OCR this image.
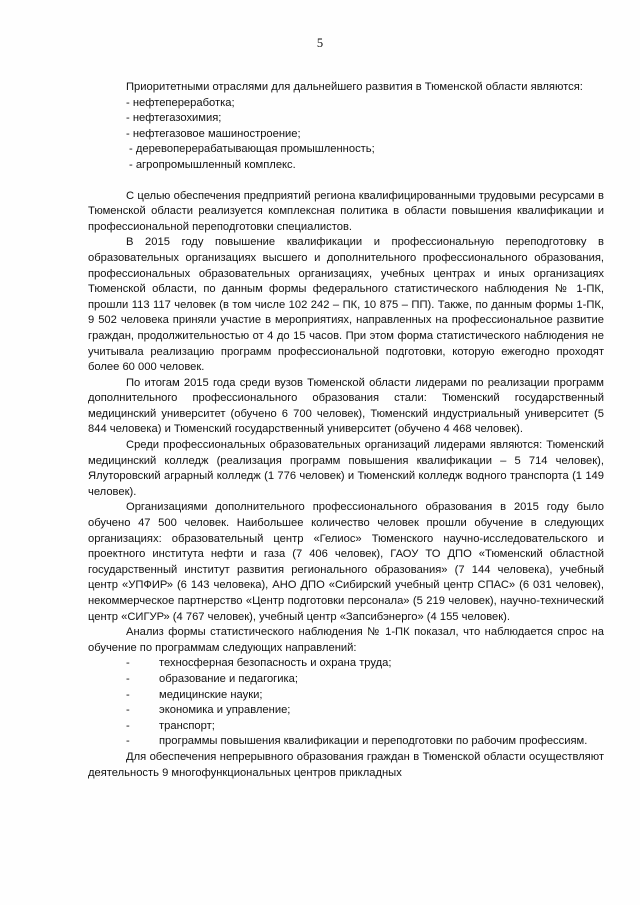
5

Приоритетными отраслями для дальнейшего развития в Тюменской области являются:

- нефтепереработка;

- нефтегазохимия;

- нефтегазовое машиностроение;

- деревоперерабатывающая промышленность;

- агропромышленный комплекс.

С целью обеспечения предприятий региона квалифицированными трудовыми ресурсами в Тюменской области реализуется комплексная политика в области повышения квалификации и профессиональной переподготовки специалистов.

В 2015 году повышение квалификации и профессиональную переподготовку в образовательных организациях высшего и дополнительного профессионального образования, профессиональных образовательных организациях, учебных центрах и иных организациях Тюменской области, по данным формы федерального статистического наблюдения № 1-ПК, прошли 113 117 человек (в том числе 102 242 – ПК, 10 875 – ПП). Также, по данным формы 1-ПК, 9 502 человека приняли участие в мероприятиях, направленных на профессиональное развитие граждан, продолжительностью от 4 до 15 часов. При этом форма статистического наблюдения не учитывала реализацию программ профессиональной подготовки, которую ежегодно проходят более 60 000 человек.

По итогам 2015 года среди вузов Тюменской области лидерами по реализации программ дополнительного профессионального образования стали: Тюменский государственный медицинский университет (обучено 6 700 человек), Тюменский индустриальный университет (5 844 человека) и Тюменский государственный университет (обучено 4 468 человек).

Среди профессиональных образовательных организаций лидерами являются: Тюменский медицинский колледж (реализация программ повышения квалификации – 5 714 человек), Ялуторовский аграрный колледж (1 776 человек) и Тюменский колледж водного транспорта (1 149 человек).

Организациями дополнительного профессионального образования в 2015 году было обучено 47 500 человек. Наибольшее количество человек прошли обучение в следующих организациях: образовательный центр «Гелиос» Тюменского научно-исследовательского и проектного института нефти и газа (7 406 человек), ГАОУ ТО ДПО «Тюменский областной государственный институт развития регионального образования» (7 144 человека), учебный центр «УПФИР» (6 143 человека), АНО ДПО «Сибирский учебный центр СПАС» (6 031 человек), некоммерческое партнерство «Центр подготовки персонала» (5 219 человек), научно-технический центр «СИГУР» (4 767 человек), учебный центр «Запсибэнерго» (4 155 человек).

Анализ формы статистического наблюдения № 1-ПК показал, что наблюдается спрос на обучение по программам следующих направлений:

-	техносферная безопасность и охрана труда;
-	образование и педагогика;
-	медицинские науки;
-	экономика и управление;
-	транспорт;
-	программы повышения квалификации и переподготовки по рабочим профессиям.

Для обеспечения непрерывного образования граждан в Тюменской области осуществляют деятельность 9 многофункциональных центров прикладных
